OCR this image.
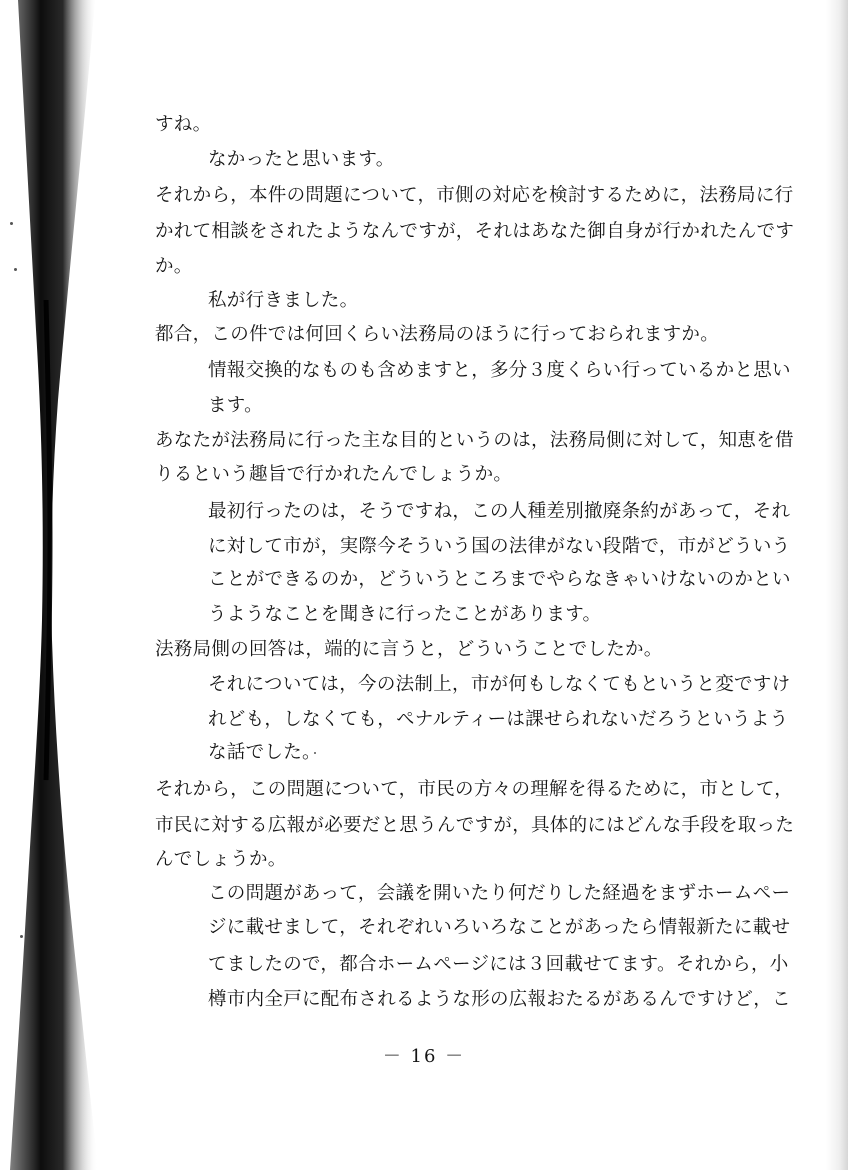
すね。
なかったと思います。
それから，本件の問題について，市側の対応を検討するために，法務局に行
かれて相談をされたようなんですが，それはあなた御自身が行かれたんです
か。
私が行きました。
都合，この件では何回くらい法務局のほうに行っておられますか。
情報交換的なものも含めますと，多分３度くらい行っているかと思い
ます。
あなたが法務局に行った主な目的というのは，法務局側に対して，知恵を借
りるという趣旨で行かれたんでしょうか。
最初行ったのは，そうですね，この人種差別撤廃条約があって，それ
に対して市が，実際今そういう国の法律がない段階で，市がどういう
ことができるのか，どういうところまでやらなきゃいけないのかとい
うようなことを聞きに行ったことがあります。
法務局側の回答は，端的に言うと，どういうことでしたか。
それについては，今の法制上，市が何もしなくてもというと変ですけ
れども，しなくても，ペナルティーは課せられないだろうというよう
な話でした。
それから，この問題について，市民の方々の理解を得るために，市として，
市民に対する広報が必要だと思うんですが，具体的にはどんな手段を取った
んでしょうか。
この問題があって，会議を開いたり何だりした経過をまずホームペー
ジに載せまして，それぞれいろいろなことがあったら情報新たに載せ
てましたので，都合ホームページには３回載せてます。それから，小
樽市内全戸に配布されるような形の広報おたるがあるんですけど，こ
－ 16 －
